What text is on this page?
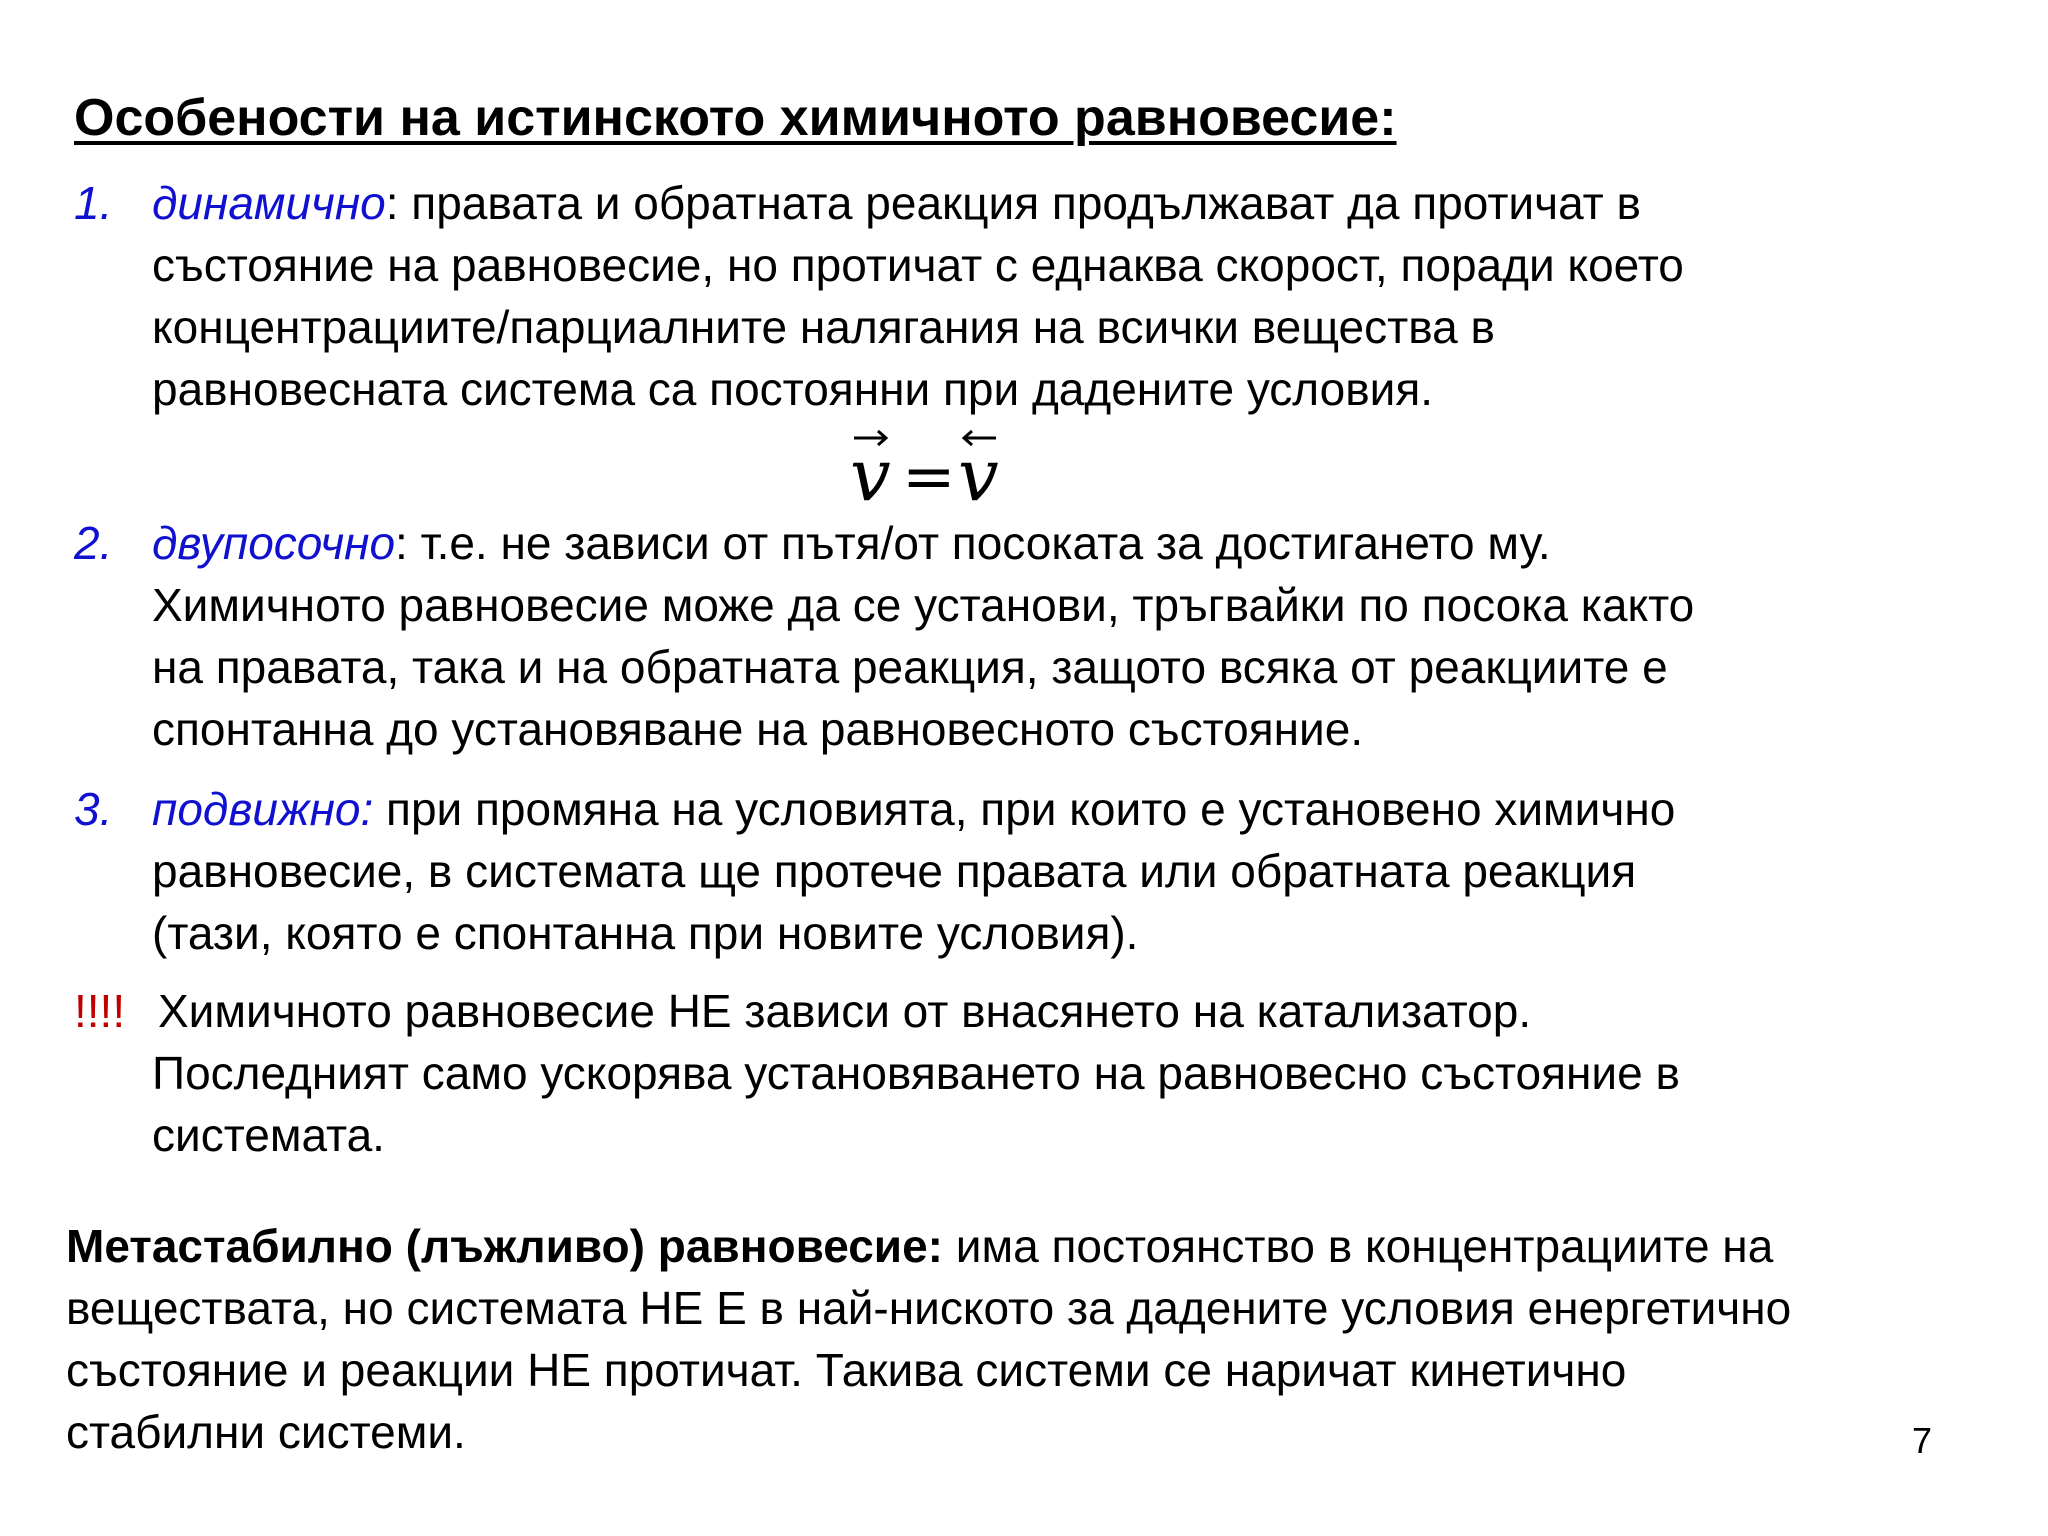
Особености на истинското химичното равновесие:
1. динамично: правата и обратната реакция продължават да протичат в
състояние на равновесие, но протичат с еднаква скорост, поради което
концентрациите/парциалните налягания на всички вещества в
равновесната система са постоянни при дадените условия.
v v
=
2. двупосочно: т.е. не зависи от пътя/от посоката за достигането му.
Химичното равновесие може да се установи, тръгвайки по посока както
на правата, така и на обратната реакция, защото всяка от реакциите е
спонтанна до установяване на равновесното състояние.
3. подвижно: при промяна на условията, при които е установено химично
равновесие, в системата ще протече правата или обратната реакция
(тази, която е спонтанна при новите условия).
!!!! Химичното равновесие НЕ зависи от внасянето на катализатор.
Последният само ускорява установяването на равновесно състояние в
системата.
Метастабилно (лъжливо) равновесие: има постоянство в концентрациите на
веществата, но системата НЕ Е в най-ниското за дадените условия енергетично
състояние и реакции НЕ протичат. Такива системи се наричат кинетично
стабилни системи.	7
